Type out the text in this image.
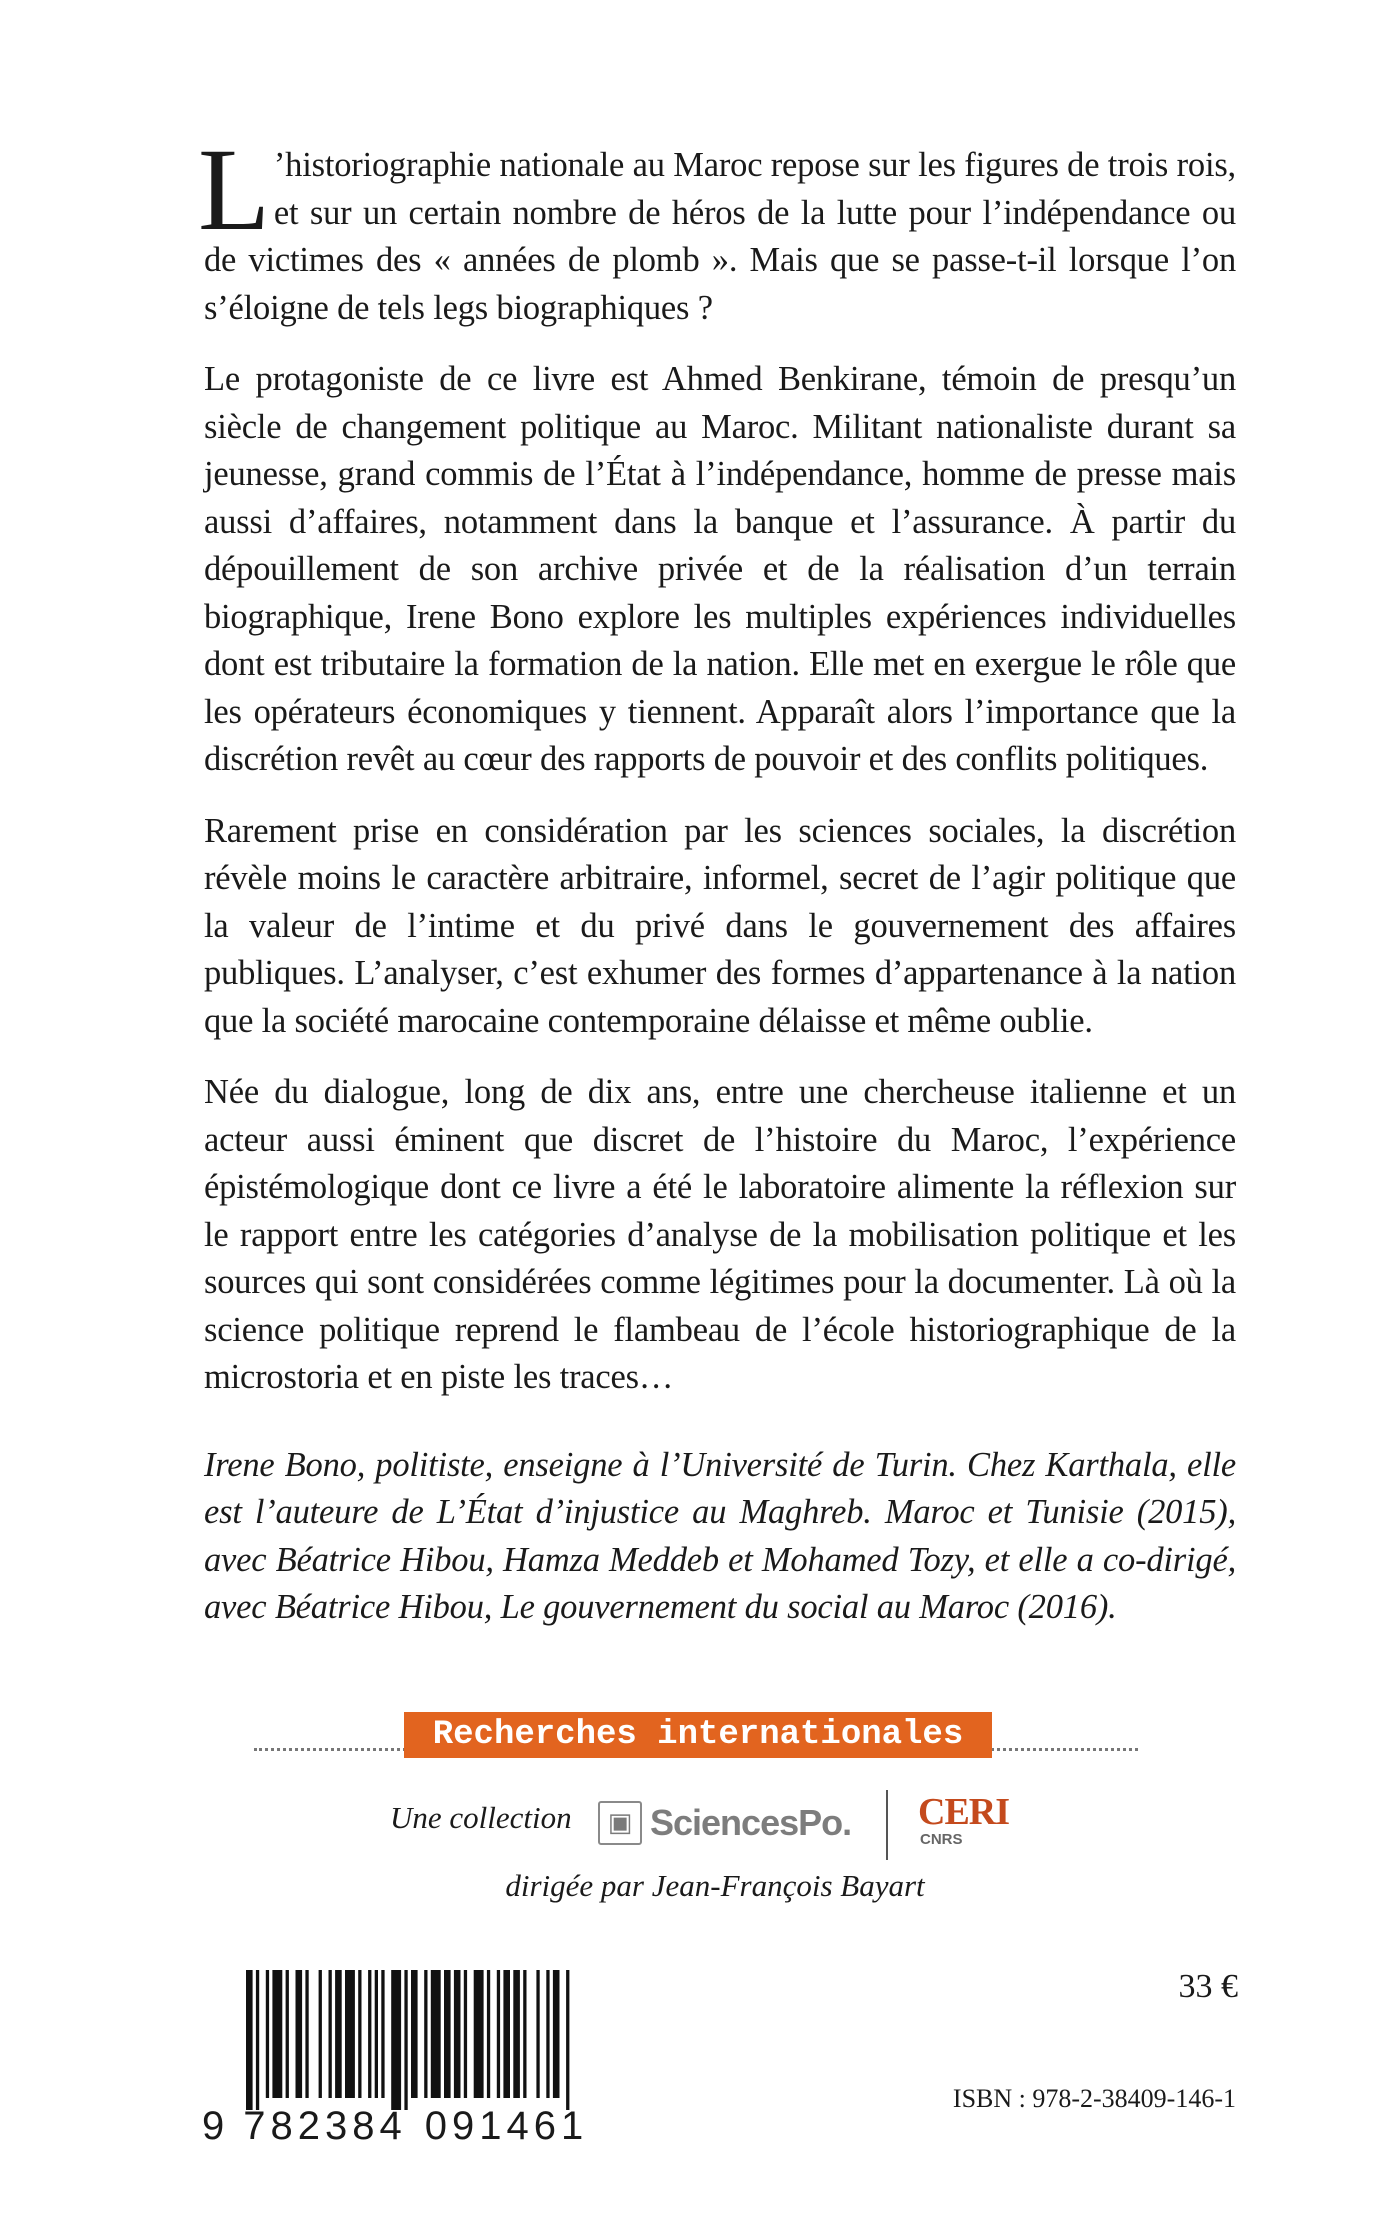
L ’historiographie nationale au Maroc repose sur les figures de trois rois, et sur un certain nombre de héros de la lutte pour l’indépendance ou de victimes des « années de plomb ». Mais que se passe-t-il lorsque l’on s’éloigne de tels legs biographiques ?

Le protagoniste de ce livre est Ahmed Benkirane, témoin de presqu’un siècle de changement politique au Maroc. Militant nationaliste durant sa jeunesse, grand commis de l’État à l’indépendance, homme de presse mais aussi d’affaires, notamment dans la banque et l’assurance. À partir du dépouillement de son archive privée et de la réalisation d’un terrain biographique, Irene Bono explore les multiples expériences individuelles dont est tributaire la formation de la nation. Elle met en exergue le rôle que les opérateurs économiques y tiennent. Apparaît alors l’importance que la discrétion revêt au cœur des rapports de pouvoir et des conflits politiques.

Rarement prise en considération par les sciences sociales, la discrétion révèle moins le caractère arbitraire, informel, secret de l’agir politique que la valeur de l’intime et du privé dans le gouvernement des affaires publiques. L’analyser, c’est exhumer des formes d’appartenance à la nation que la société marocaine contemporaine délaisse et même oublie.

Née du dialogue, long de dix ans, entre une chercheuse italienne et un acteur aussi éminent que discret de l’histoire du Maroc, l’expérience épistémologique dont ce livre a été le laboratoire alimente la réflexion sur le rapport entre les catégories d’analyse de la mobilisation politique et les sources qui sont considérées comme légitimes pour la documenter. Là où la science politique reprend le flambeau de l’école historiographique de la microstoria et en piste les traces…

Irene Bono, politiste, enseigne à l’Université de Turin. Chez Karthala, elle est l’auteure de L’État d’injustice au Maghreb. Maroc et Tunisie (2015), avec Béatrice Hibou, Hamza Meddeb et Mohamed Tozy, et elle a co-dirigé, avec Béatrice Hibou, Le gouvernement du social au Maroc (2016).

Recherches internationales
Une collection	▣ SciencesPo. CERI
CNRS
dirigée par Jean-François Bayart
9 782384 091461
33 €
ISBN : 978-2-38409-146-1
